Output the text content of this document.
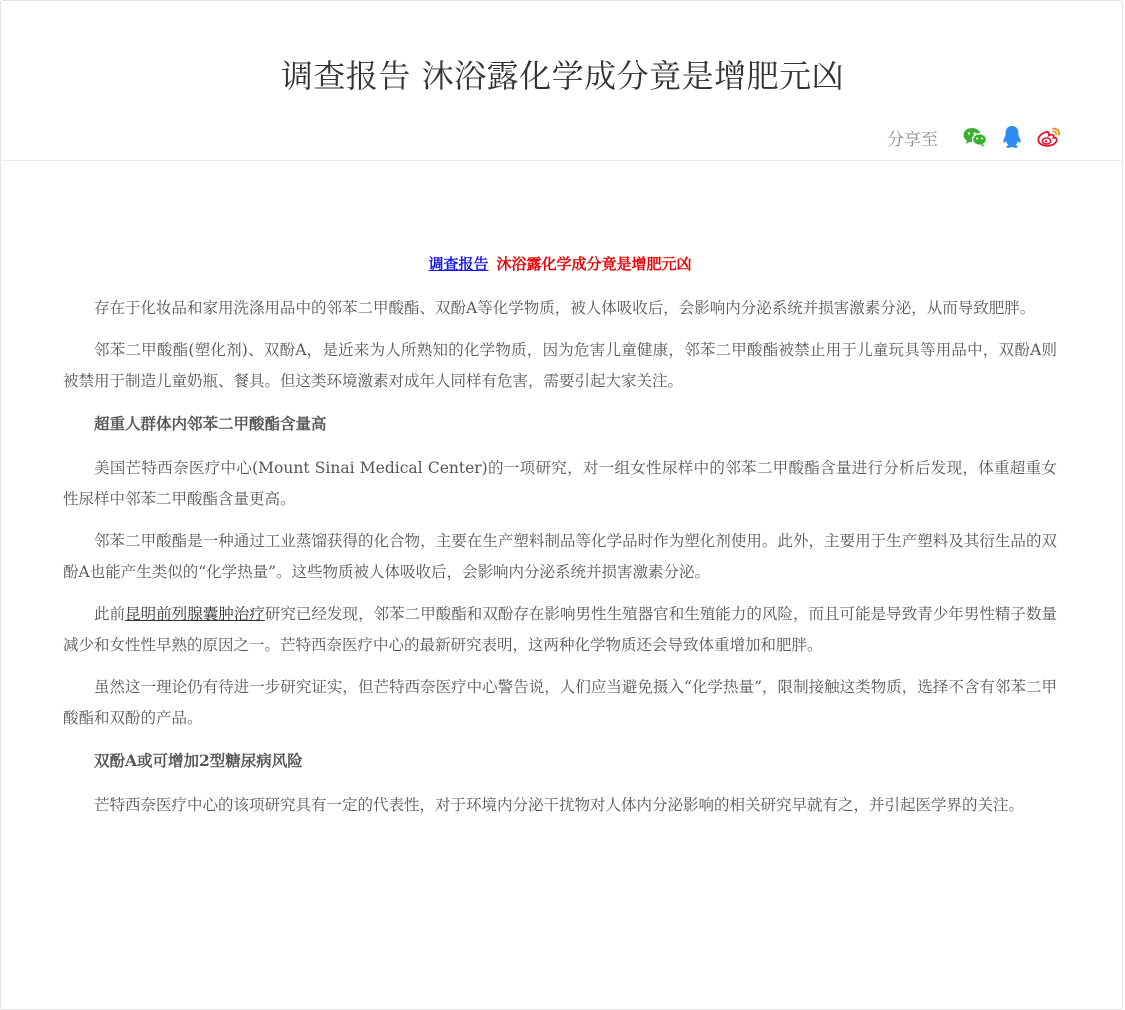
调查报告 沐浴露化学成分竟是增肥元凶
分享至
调查报告 沐浴露化学成分竟是增肥元凶

存在于化妆品和家用洗涤用品中的邻苯二甲酸酯、双酚A等化学物质，被人体吸收后，会影响内分泌系统并损害激素分泌，从而导致肥胖。

邻苯二甲酸酯(塑化剂)、双酚A，是近来为人所熟知的化学物质，因为危害儿童健康，邻苯二甲酸酯被禁止用于儿童玩具等用品中，双酚A则被禁用于制造儿童奶瓶、餐具。但这类环境激素对成年人同样有危害，需要引起大家关注。

超重人群体内邻苯二甲酸酯含量高

美国芒特西奈医疗中心(Mount Sinai Medical Center)的一项研究，对一组女性尿样中的邻苯二甲酸酯含量进行分析后发现，体重超重女性尿样中邻苯二甲酸酯含量更高。

邻苯二甲酸酯是一种通过工业蒸馏获得的化合物，主要在生产塑料制品等化学品时作为塑化剂使用。此外，主要用于生产塑料及其衍生品的双酚A也能产生类似的“化学热量”。这些物质被人体吸收后，会影响内分泌系统并损害激素分泌。

此前昆明前列腺囊肿治疗研究已经发现，邻苯二甲酸酯和双酚存在影响男性生殖器官和生殖能力的风险，而且可能是导致青少年男性精子数量减少和女性性早熟的原因之一。芒特西奈医疗中心的最新研究表明，这两种化学物质还会导致体重增加和肥胖。

虽然这一理论仍有待进一步研究证实，但芒特西奈医疗中心警告说，人们应当避免摄入“化学热量”，限制接触这类物质，选择不含有邻苯二甲酸酯和双酚的产品。

双酚A或可增加2型糖尿病风险

芒特西奈医疗中心的该项研究具有一定的代表性，对于环境内分泌干扰物对人体内分泌影响的相关研究早就有之，并引起医学界的关注。
